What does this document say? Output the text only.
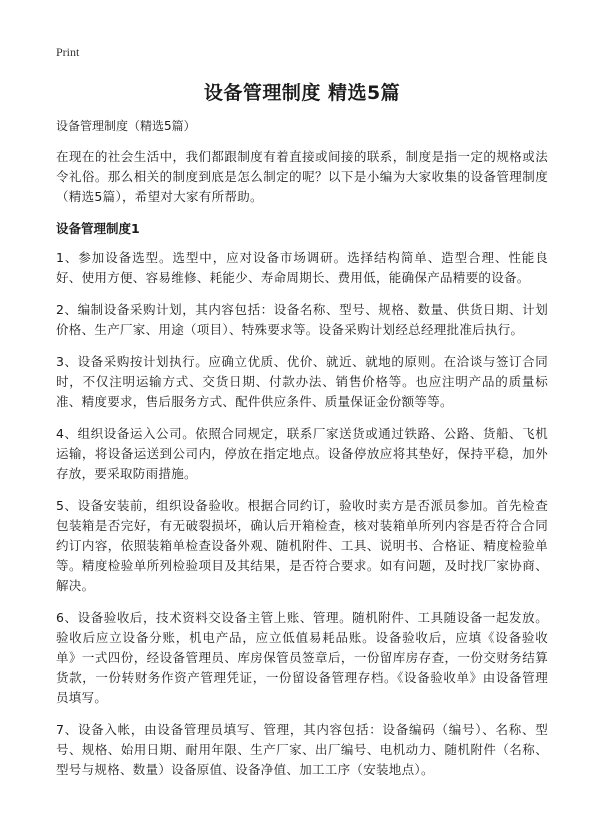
Print
设备管理制度 精选5篇
设备管理制度（精选5篇）

在现在的社会生活中，我们都跟制度有着直接或间接的联系，制度是指一定的规格或法令礼俗。那么相关的制度到底是怎么制定的呢？以下是小编为大家收集的设备管理制度（精选5篇），希望对大家有所帮助。

设备管理制度1

1、参加设备选型。选型中，应对设备市场调研。选择结构简单、造型合理、性能良好、使用方便、容易维修、耗能少、寿命周期长、费用低，能确保产品精要的设备。

2、编制设备采购计划，其内容包括：设备名称、型号、规格、数量、供货日期、计划价格、生产厂家、用途（项目）、特殊要求等。设备采购计划经总经理批准后执行。

3、设备采购按计划执行。应确立优质、优价、就近、就地的原则。在洽谈与签订合同时，不仅注明运输方式、交货日期、付款办法、销售价格等。也应注明产品的质量标准、精度要求，售后服务方式、配件供应条件、质量保证金份额等等。

4、组织设备运入公司。依照合同规定，联系厂家送货或通过铁路、公路、货船、飞机运输，将设备运送到公司内，停放在指定地点。设备停放应将其垫好，保持平稳，加外存放，要采取防雨措施。

5、设备安装前，组织设备验收。根据合同约订，验收时卖方是否派员参加。首先检查包装箱是否完好，有无破裂损坏，确认后开箱检查，核对装箱单所列内容是否符合合同约订内容，依照装箱单检查设备外观、随机附件、工具、说明书、合格证、精度检验单等。精度检验单所列检验项目及其结果，是否符合要求。如有问题，及时找厂家协商、解决。

6、设备验收后，技术资料交设备主管上账、管理。随机附件、工具随设备一起发放。验收后应立设备分账，机电产品，应立低值易耗品账。设备验收后，应填《设备验收单》一式四份，经设备管理员、库房保管员签章后，一份留库房存查，一份交财务结算货款，一份转财务作资产管理凭证，一份留设备管理存档。《设备验收单》由设备管理员填写。

7、设备入帐，由设备管理员填写、管理，其内容包括：设备编码（编号）、名称、型号、规格、始用日期、耐用年限、生产厂家、出厂编号、电机动力、随机附件（名称、型号与规格、数量）设备原值、设备净值、加工工序（安装地点）。
